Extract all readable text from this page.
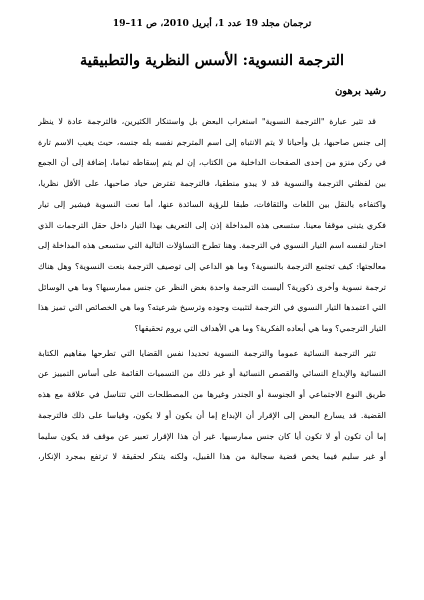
ترجمان مجلد 19 عدد 1، أبريل 2010، ص 11–19

الترجمة النسوية: الأسس النظرية والتطبيقية

رشيد برهون

قد تثير عبارة "الترجمة النسوية" استغراب البعض بل واستنكار الكثيرين، فالترجمة عادة لا ينظر
إلى جنس صاحبها، بل وأحيانا لا يتم الانتباه إلى اسم المترجم نفسه بله جنسه، حيث يغيب الاسم تارة
في ركن منزو من إحدى الصفحات الداخلية من الكتاب، إن لم يتم إسقاطه تماما، إضافة إلى أن الجمع
بين لفظتي الترجمة والنسوية قد لا يبدو منطقيا، فالترجمة تفترض حياد صاحبها، على الأقل نظريا،
واكتفاءه بالنقل بين اللغات والثقافات، طبقا للرؤية السائدة عنها، أما نعت النسوية فيشير إلى تيار
فكري يتبنى موقفا معينا. ستسعى هذه المداخلة إذن إلى التعريف بهذا التيار داخل حقل الترجمات الذي
اختار لنفسه اسم التيار النسوي في الترجمة. وهنا تطرح التساؤلات التالية التي ستسعى هذه المداخلة إلى
معالجتها: كيف تجتمع الترجمة بالنسوية؟ وما هو الداعي إلى توصيف الترجمة بنعت النسوية؟ وهل هناك
ترجمة نسوية وأخرى ذكورية؟ أليست الترجمة واحدة بغض النظر عن جنس ممارسيها؟ وما هي الوسائل
التي اعتمدها التيار النسوي في الترجمة لتثبيت وجوده وترسيخ شرعيته؟ وما هي الخصائص التي تميز هذا
التيار الترجمي؟ وما هي أبعاده الفكرية؟ وما هي الأهداف التي يروم تحقيقها؟
تثير الترجمة النسائية عموما والترجمة النسوية تحديدا نفس القضايا التي تطرحها مفاهيم الكتابة
النسائية والإبداع النسائي والقصص النسائية أو غير ذلك من التسميات القائمة على أساس التمييز عن
طريق النوع الاجتماعي أو الجنوسة أو الجندر وغيرها من المصطلحات التي تتناسل في علاقة مع هذه
القضية. قد يسارع البعض إلى الإقرار أن الإبداع إما أن يكون أو لا يكون، وقياسا على ذلك فالترجمة
إما أن تكون أو لا تكون أيا كان جنس ممارسيها. غير أن هذا الإقرار تعبير عن موقف قد يكون سليما
أو غير سليم فيما يخص قضية سجالية من هذا القبيل، ولكنه يتنكر لحقيقة لا ترتفع بمجرد الإنكار،
